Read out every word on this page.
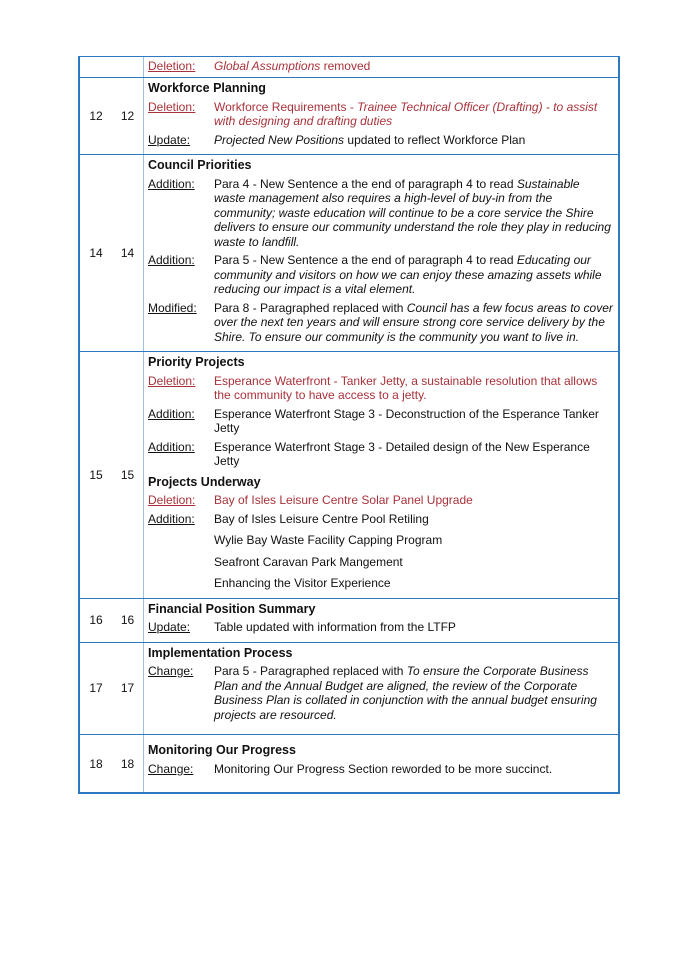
Deletion:	Global Assumptions removed
12	12
Workforce Planning
Deletion:	Workforce Requirements - Trainee Technical Officer (Drafting) - to assist with designing and drafting duties
Update:	Projected New Positions updated to reflect Workforce Plan
14	14
Council Priorities
Addition:	Para 4 - New Sentence a the end of paragraph 4 to read Sustainable waste management also requires a high-level of buy-in from the community; waste education will continue to be a core service the Shire delivers to ensure our community understand the role they play in reducing waste to landfill.
Addition:	Para 5 - New Sentence a the end of paragraph 4 to read Educating our community and visitors on how we can enjoy these amazing assets while reducing our impact is a vital element.
Modified:	Para 8 - Paragraphed replaced with Council has a few focus areas to cover over the next ten years and will ensure strong core service delivery by the Shire. To ensure our community is the community you want to live in.
15	15
Priority Projects
Deletion:	Esperance Waterfront - Tanker Jetty, a sustainable resolution that allows the community to have access to a jetty.
Addition:	Esperance Waterfront Stage 3 - Deconstruction of the Esperance Tanker Jetty
Addition:	Esperance Waterfront Stage 3 - Detailed design of the New Esperance Jetty
Projects Underway
Deletion:	Bay of Isles Leisure Centre Solar Panel Upgrade
Addition:	Bay of Isles Leisure Centre Pool Retiling
Wylie Bay Waste Facility Capping Program
Seafront Caravan Park Mangement
Enhancing the Visitor Experience
16	16
Financial Position Summary
Update:	Table updated with information from the LTFP
17	17
Implementation Process
Change:	Para 5 - Paragraphed replaced with To ensure the Corporate Business Plan and the Annual Budget are aligned, the review of the Corporate Business Plan is collated in conjunction with the annual budget ensuring projects are resourced.
18	18
Monitoring Our Progress
Change:	Monitoring Our Progress Section reworded to be more succinct.
